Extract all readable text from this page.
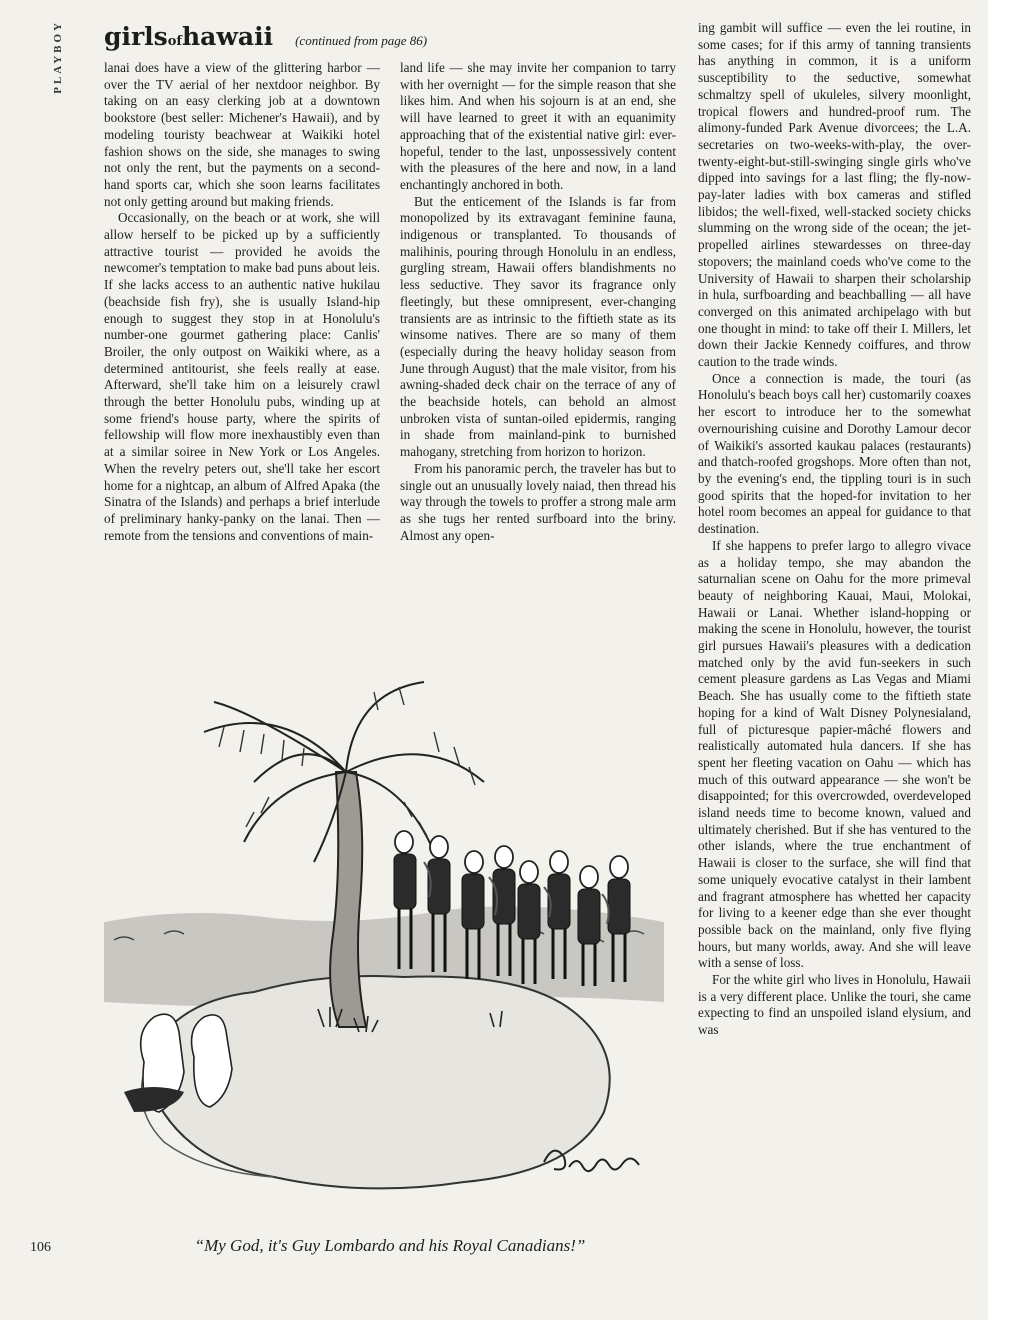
PLAYBOY	girlsofhawaii (continued from page 86)

lanai does have a view of the glittering harbor — over the TV aerial of her nextdoor neighbor. By taking on an easy clerking job at a downtown bookstore (best seller: Michener's Hawaii), and by modeling touristy beachwear at Waikiki hotel fashion shows on the side, she manages to swing not only the rent, but the payments on a second-hand sports car, which she soon learns facilitates not only getting around but making friends.

Occasionally, on the beach or at work, she will allow herself to be picked up by a sufficiently attractive tourist — provided he avoids the newcomer's temptation to make bad puns about leis. If she lacks access to an authentic native hukilau (beachside fish fry), she is usually Island-hip enough to suggest they stop in at Honolulu's number-one gourmet gathering place: Canlis' Broiler, the only outpost on Waikiki where, as a determined antitourist, she feels really at ease. Afterward, she'll take him on a leisurely crawl through the better Honolulu pubs, winding up at some friend's house party, where the spirits of fellowship will flow more inexhaustibly even than at a similar soiree in New York or Los Angeles. When the revelry peters out, she'll take her escort home for a nightcap, an album of Alfred Apaka (the Sinatra of the Islands) and perhaps a brief interlude of preliminary hanky-panky on the lanai. Then — remote from the tensions and conventions of main-

land life — she may invite her companion to tarry with her overnight — for the simple reason that she likes him. And when his sojourn is at an end, she will have learned to greet it with an equanimity approaching that of the existential native girl: ever-hopeful, tender to the last, unpossessively content with the pleasures of the here and now, in a land enchantingly anchored in both.

But the enticement of the Islands is far from monopolized by its extravagant feminine fauna, indigenous or transplanted. To thousands of malihinis, pouring through Honolulu in an endless, gurgling stream, Hawaii offers blandishments no less seductive. They savor its fragrance only fleetingly, but these omnipresent, ever-changing transients are as intrinsic to the fiftieth state as its winsome natives. There are so many of them (especially during the heavy holiday season from June through August) that the male visitor, from his awning-shaded deck chair on the terrace of any of the beachside hotels, can behold an almost unbroken vista of suntan-oiled epidermis, ranging in shade from mainland-pink to burnished mahogany, stretching from horizon to horizon.

From his panoramic perch, the traveler has but to single out an unusually lovely naiad, then thread his way through the towels to proffer a strong male arm as she tugs her rented surfboard into the briny. Almost any open-

ing gambit will suffice — even the lei routine, in some cases; for if this army of tanning transients has anything in common, it is a uniform susceptibility to the seductive, somewhat schmaltzy spell of ukuleles, silvery moonlight, tropical flowers and hundred-proof rum. The alimony-funded Park Avenue divorcees; the L.A. secretaries on two-weeks-with-play, the over-twenty-eight-but-still-swinging single girls who've dipped into savings for a last fling; the fly-now-pay-later ladies with box cameras and stifled libidos; the well-fixed, well-stacked society chicks slumming on the wrong side of the ocean; the jet-propelled airlines stewardesses on three-day stopovers; the mainland coeds who've come to the University of Hawaii to sharpen their scholarship in hula, surfboarding and beachballing — all have converged on this animated archipelago with but one thought in mind: to take off their I. Millers, let down their Jackie Kennedy coiffures, and throw caution to the trade winds.

Once a connection is made, the touri (as Honolulu's beach boys call her) customarily coaxes her escort to introduce her to the somewhat overnourishing cuisine and Dorothy Lamour decor of Waikiki's assorted kaukau palaces (restaurants) and thatch-roofed grogshops. More often than not, by the evening's end, the tippling touri is in such good spirits that the hoped-for invitation to her hotel room becomes an appeal for guidance to that destination.

If she happens to prefer largo to allegro vivace as a holiday tempo, she may abandon the saturnalian scene on Oahu for the more primeval beauty of neighboring Kauai, Maui, Molokai, Hawaii or Lanai. Whether island-hopping or making the scene in Honolulu, however, the tourist girl pursues Hawaii's pleasures with a dedication matched only by the avid fun-seekers in such cement pleasure gardens as Las Vegas and Miami Beach. She has usually come to the fiftieth state hoping for a kind of Walt Disney Polynesialand, full of picturesque papier-mâché flowers and realistically automated hula dancers. If she has spent her fleeting vacation on Oahu — which has much of this outward appearance — she won't be disappointed; for this overcrowded, overdeveloped island needs time to become known, valued and ultimately cherished. But if she has ventured to the other islands, where the true enchantment of Hawaii is closer to the surface, she will find that some uniquely evocative catalyst in their lambent and fragrant atmosphere has whetted her capacity for living to a keener edge than she ever thought possible back on the mainland, only five flying hours, but many worlds, away. And she will leave with a sense of loss.

For the white girl who lives in Honolulu, Hawaii is a very different place. Unlike the touri, she came expecting to find an unspoiled island elysium, and was

Erickson
“My God, it's Guy Lombardo and his Royal Canadians!”
106
